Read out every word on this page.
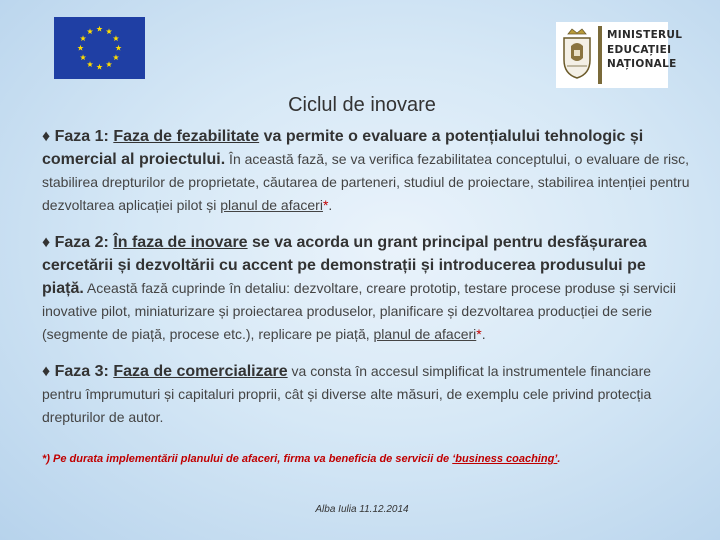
MINISTERUL
EDUCAȚIEI
NAȚIONALE
Ciclul de inovare
♦ Faza 1: Faza de fezabilitate va permite o evaluare a potențialului tehnologic și comercial al proiectului. În această fază, se va verifica fezabilitatea conceptului, o evaluare de risc, stabilirea drepturilor de proprietate, căutarea de parteneri, studiul de proiectare, stabilirea intenției pentru dezvoltarea aplicației pilot și planul de afaceri*.
♦ Faza 2: În faza de inovare se va acorda un grant principal pentru desfășurarea cercetării și dezvoltării cu accent pe demonstrații și introducerea produsului pe piață. Această fază cuprinde în detaliu: dezvoltare, creare prototip, testare procese produse și servicii inovative pilot, miniaturizare și proiectarea produselor, planificare și dezvoltarea producției de serie (segmente de piață, procese etc.), replicare pe piață, planul de afaceri*.
♦ Faza 3: Faza de comercializare va consta în accesul simplificat la instrumentele financiare pentru împrumuturi și capitaluri proprii, cât și diverse alte măsuri, de exemplu cele privind protecția drepturilor de autor.
*) Pe durata implementării planului de afaceri, firma va beneficia de servicii de ‘business coaching’.
Alba Iulia 11.12.2014
